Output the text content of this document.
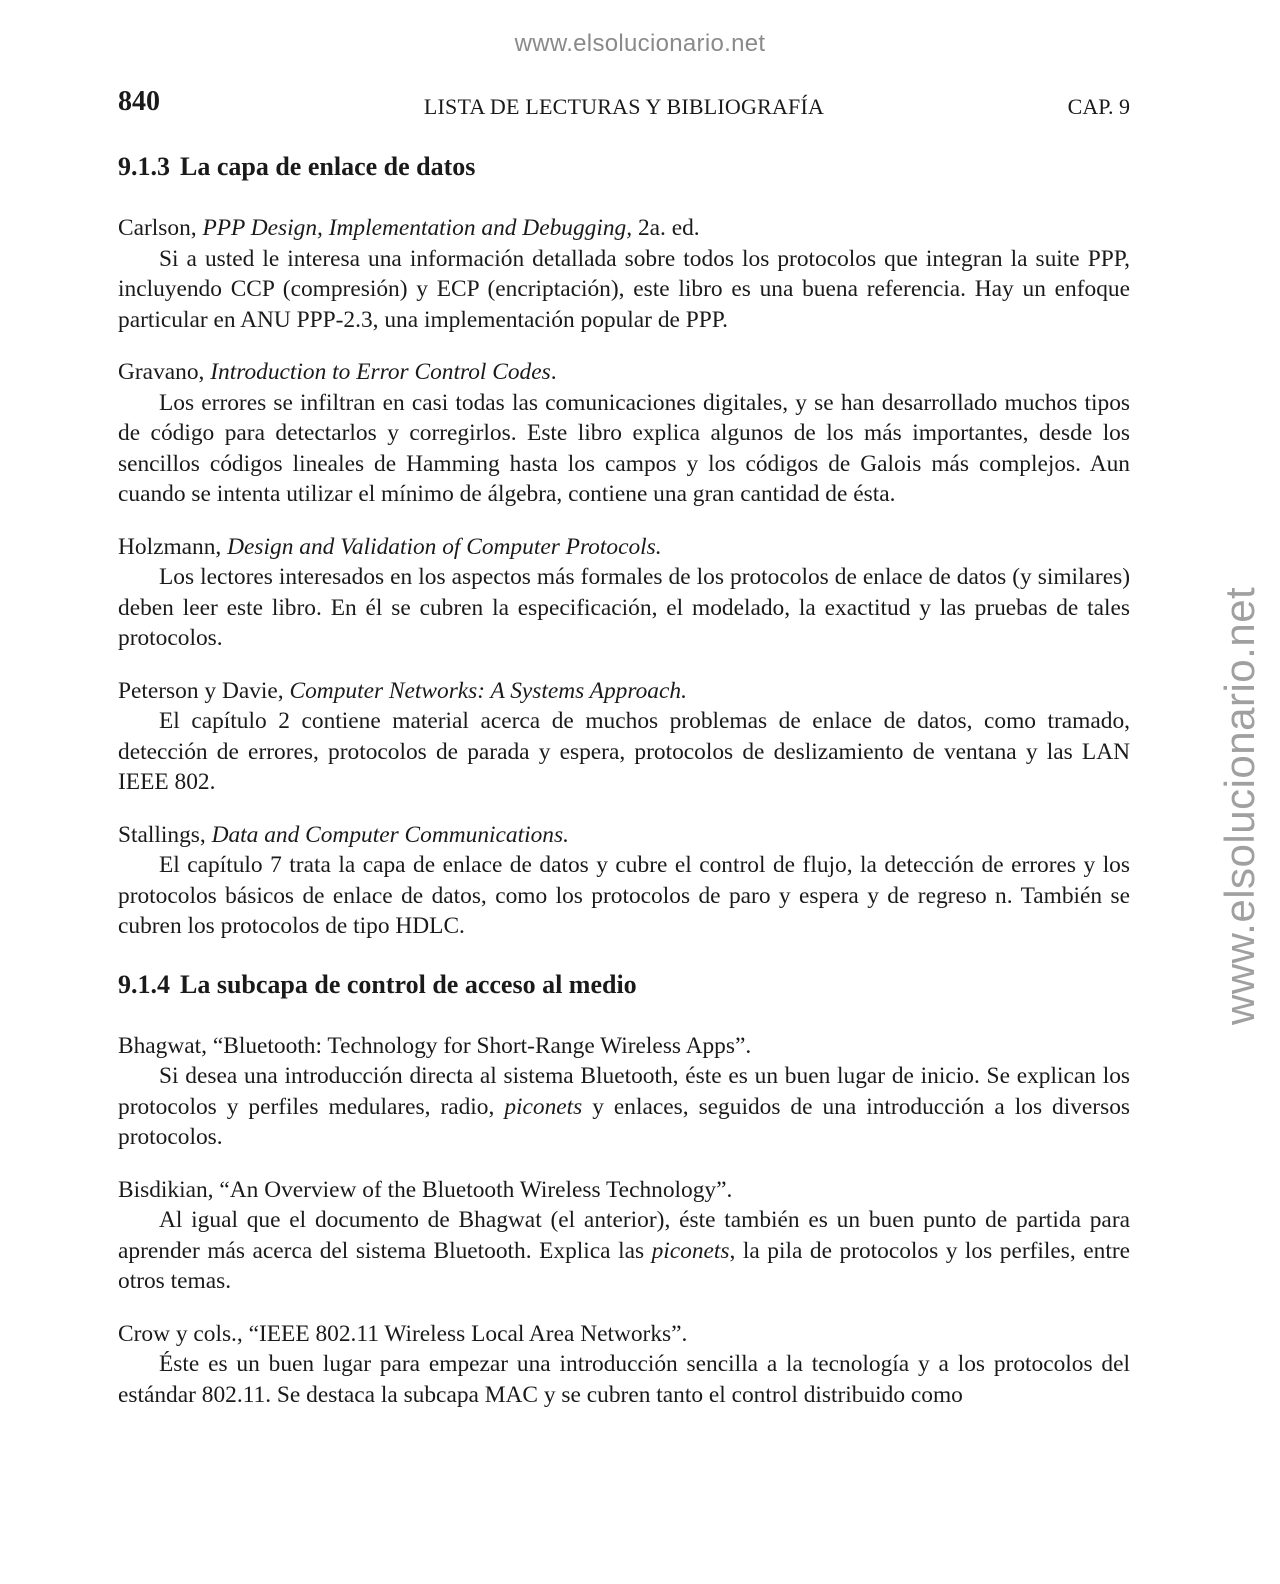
www.elsolucionario.net
www.elsolucionario.net
840	LISTA DE LECTURAS Y BIBLIOGRAFÍA	CAP. 9
9.1.3 La capa de enlace de datos

Carlson, PPP Design, Implementation and Debugging, 2a. ed.

Si a usted le interesa una información detallada sobre todos los protocolos que integran la suite PPP, incluyendo CCP (compresión) y ECP (encriptación), este libro es una buena referencia. Hay un enfoque particular en ANU PPP-2.3, una implementación popular de PPP.

Gravano, Introduction to Error Control Codes.

Los errores se infiltran en casi todas las comunicaciones digitales, y se han desarrollado muchos tipos de código para detectarlos y corregirlos. Este libro explica algunos de los más importantes, desde los sencillos códigos lineales de Hamming hasta los campos y los códigos de Galois más complejos. Aun cuando se intenta utilizar el mínimo de álgebra, contiene una gran cantidad de ésta.

Holzmann, Design and Validation of Computer Protocols.

Los lectores interesados en los aspectos más formales de los protocolos de enlace de datos (y similares) deben leer este libro. En él se cubren la especificación, el modelado, la exactitud y las pruebas de tales protocolos.

Peterson y Davie, Computer Networks: A Systems Approach.

El capítulo 2 contiene material acerca de muchos problemas de enlace de datos, como tramado, detección de errores, protocolos de parada y espera, protocolos de deslizamiento de ventana y las LAN IEEE 802.

Stallings, Data and Computer Communications.

El capítulo 7 trata la capa de enlace de datos y cubre el control de flujo, la detección de errores y los protocolos básicos de enlace de datos, como los protocolos de paro y espera y de regreso n. También se cubren los protocolos de tipo HDLC.

9.1.4 La subcapa de control de acceso al medio

Bhagwat, “Bluetooth: Technology for Short-Range Wireless Apps”.

Si desea una introducción directa al sistema Bluetooth, éste es un buen lugar de inicio. Se explican los protocolos y perfiles medulares, radio, piconets y enlaces, seguidos de una introducción a los diversos protocolos.

Bisdikian, “An Overview of the Bluetooth Wireless Technology”.

Al igual que el documento de Bhagwat (el anterior), éste también es un buen punto de partida para aprender más acerca del sistema Bluetooth. Explica las piconets, la pila de protocolos y los perfiles, entre otros temas.

Crow y cols., “IEEE 802.11 Wireless Local Area Networks”.

Éste es un buen lugar para empezar una introducción sencilla a la tecnología y a los protocolos del estándar 802.11. Se destaca la subcapa MAC y se cubren tanto el control distribuido como
